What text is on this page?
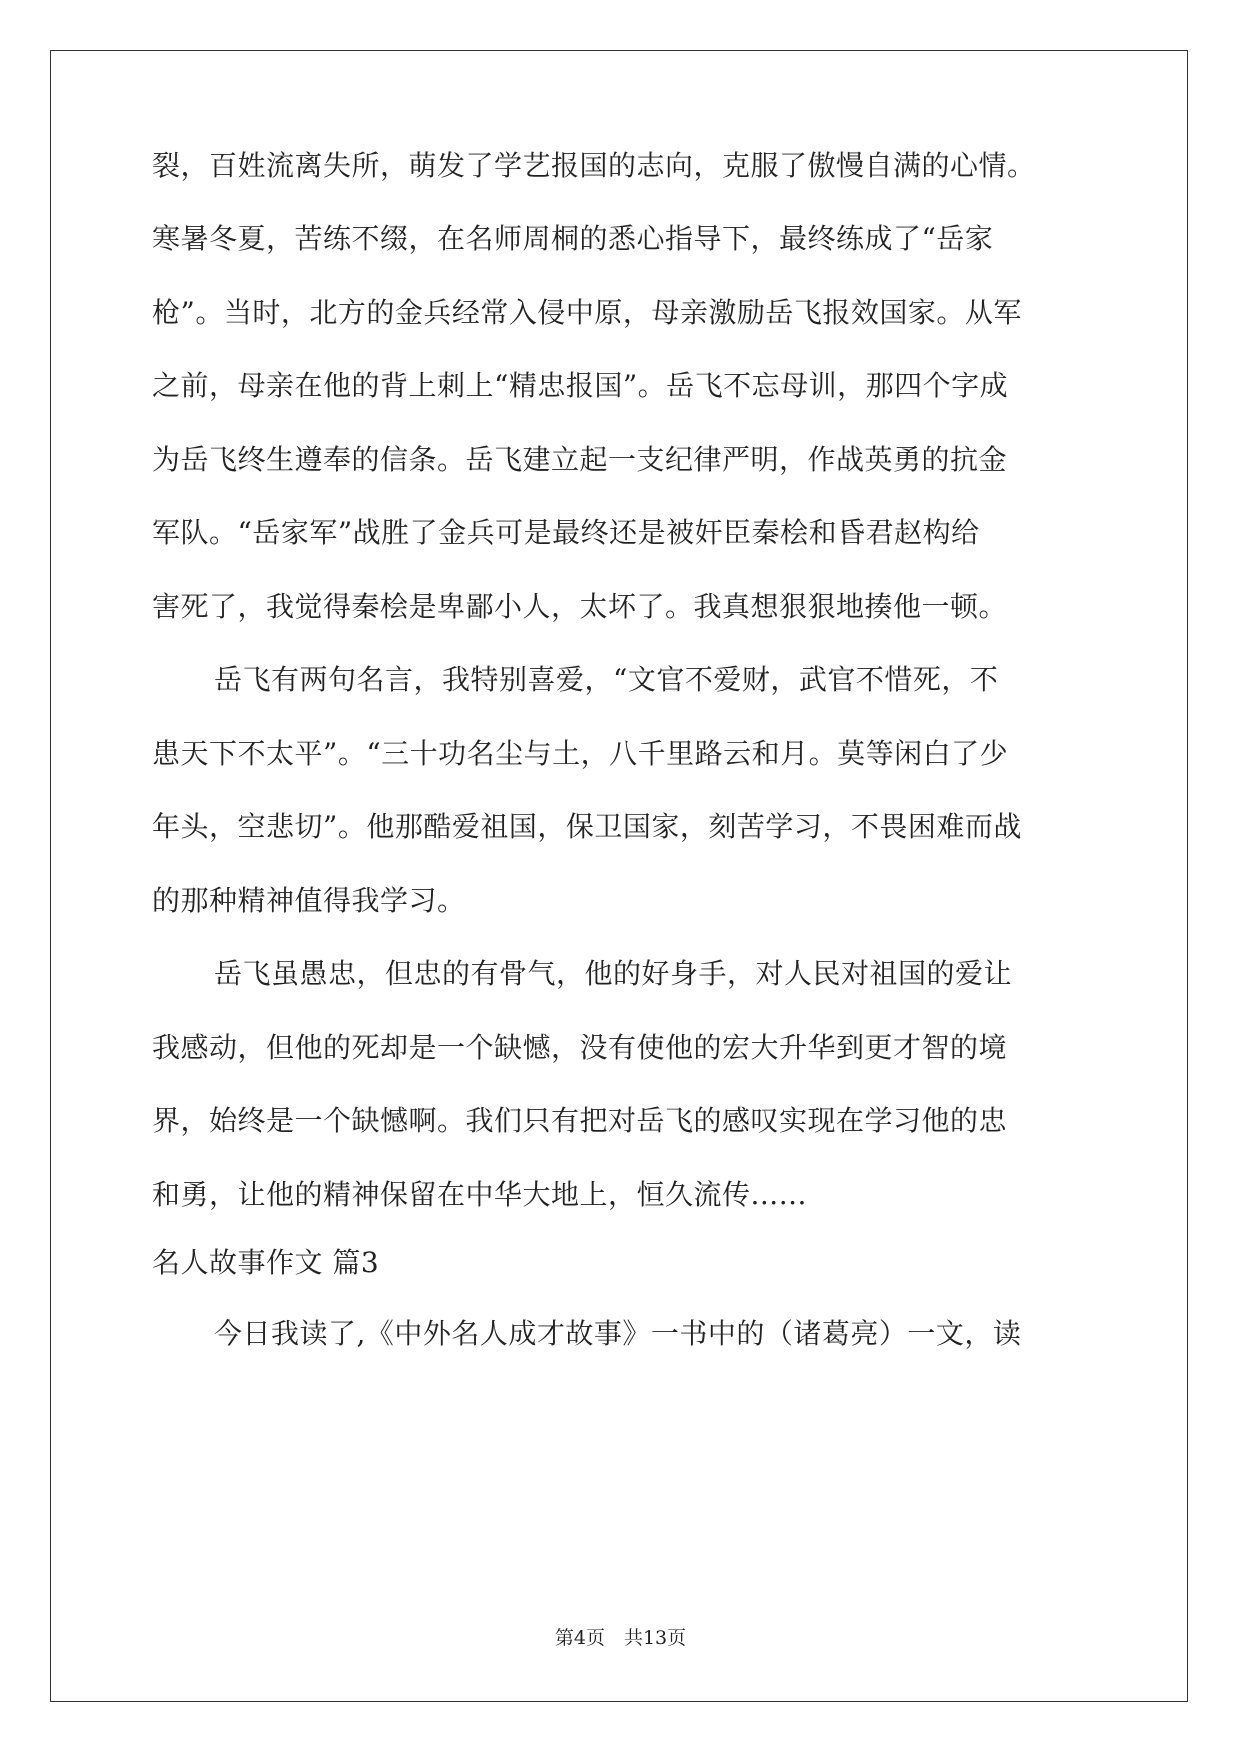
裂，百姓流离失所，萌发了学艺报国的志向，克服了傲慢自满的心情。
寒暑冬夏，苦练不缀，在名师周桐的悉心指导下，最终练成了“岳家
枪”。当时，北方的金兵经常入侵中原，母亲激励岳飞报效国家。从军
之前，母亲在他的背上刺上“精忠报国”。岳飞不忘母训，那四个字成
为岳飞终生遵奉的信条。岳飞建立起一支纪律严明，作战英勇的抗金
军队。“岳家军”战胜了金兵可是最终还是被奸臣秦桧和昏君赵构给
害死了，我觉得秦桧是卑鄙小人，太坏了。我真想狠狠地揍他一顿。
岳飞有两句名言，我特别喜爱，“文官不爱财，武官不惜死，不
患天下不太平”。“三十功名尘与土，八千里路云和月。莫等闲白了少
年头，空悲切”。他那酷爱祖国，保卫国家，刻苦学习，不畏困难而战
的那种精神值得我学习。
岳飞虽愚忠，但忠的有骨气，他的好身手，对人民对祖国的爱让
我感动，但他的死却是一个缺憾，没有使他的宏大升华到更才智的境
界，始终是一个缺憾啊。我们只有把对岳飞的感叹实现在学习他的忠
和勇，让他的精神保留在中华大地上，恒久流传......
名人故事作文 篇3
今日我读了,《中外名人成才故事》一书中的（诸葛亮）一文，读
第4页　共13页
